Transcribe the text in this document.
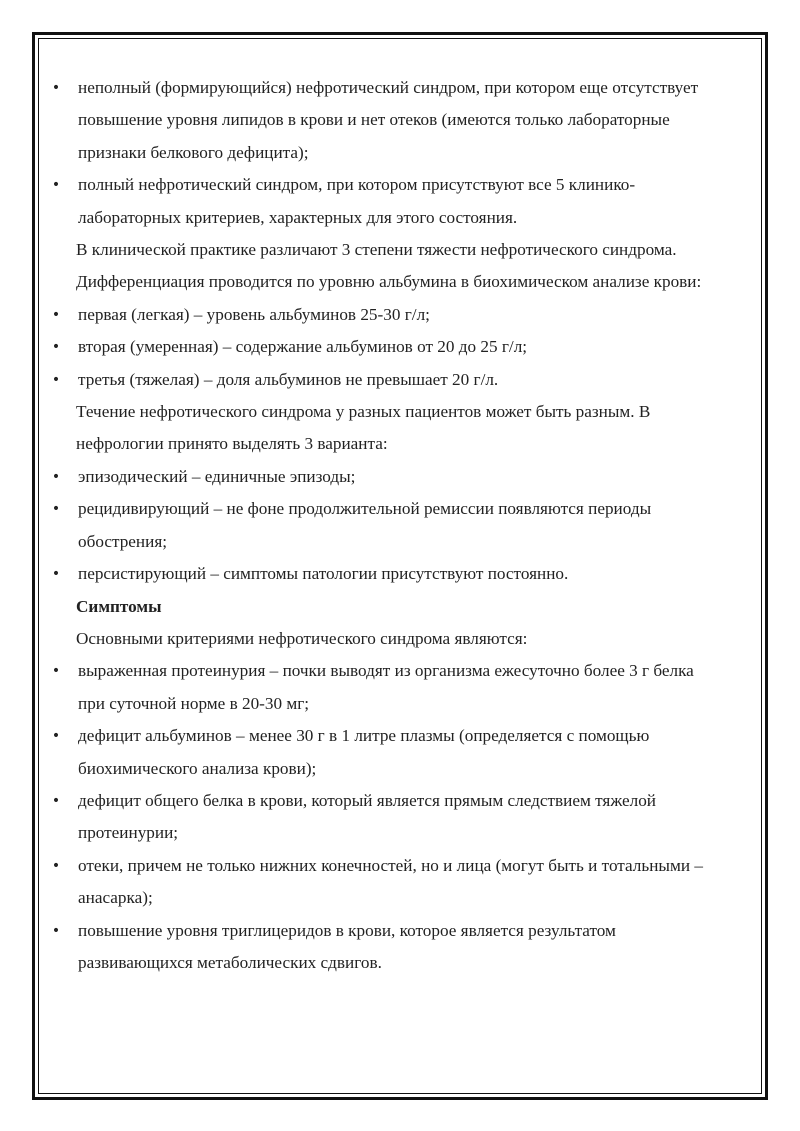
• неполный (формирующийся) нефротический синдром, при котором еще отсутствует повышение уровня липидов в крови и нет отеков (имеются только лабораторные признаки белкового дефицита);
• полный нефротический синдром, при котором присутствуют все 5 клинико-лабораторных критериев, характерных для этого состояния.
В клинической практике различают 3 степени тяжести нефротического синдрома. Дифференциация проводится по уровню альбумина в биохимическом анализе крови:
• первая (легкая) – уровень альбуминов 25-30 г/л;
• вторая (умеренная) – содержание альбуминов от 20 до 25 г/л;
• третья (тяжелая) – доля альбуминов не превышает 20 г/л.
Течение нефротического синдрома у разных пациентов может быть разным. В нефрологии принято выделять 3 варианта:
• эпизодический – единичные эпизоды;
• рецидивирующий – не фоне продолжительной ремиссии появляются периоды обострения;
• персистирующий – симптомы патологии присутствуют постоянно.
Симптомы
Основными критериями нефротического синдрома являются:
• выраженная протеинурия – почки выводят из организма ежесуточно более 3 г белка при суточной норме в 20-30 мг;
• дефицит альбуминов – менее 30 г в 1 литре плазмы (определяется с помощью биохимического анализа крови);
• дефицит общего белка в крови, который является прямым следствием тяжелой протеинурии;
• отеки, причем не только нижних конечностей, но и лица (могут быть и тотальными – анасарка);
• повышение уровня триглицеридов в крови, которое является результатом развивающихся метаболических сдвигов.
